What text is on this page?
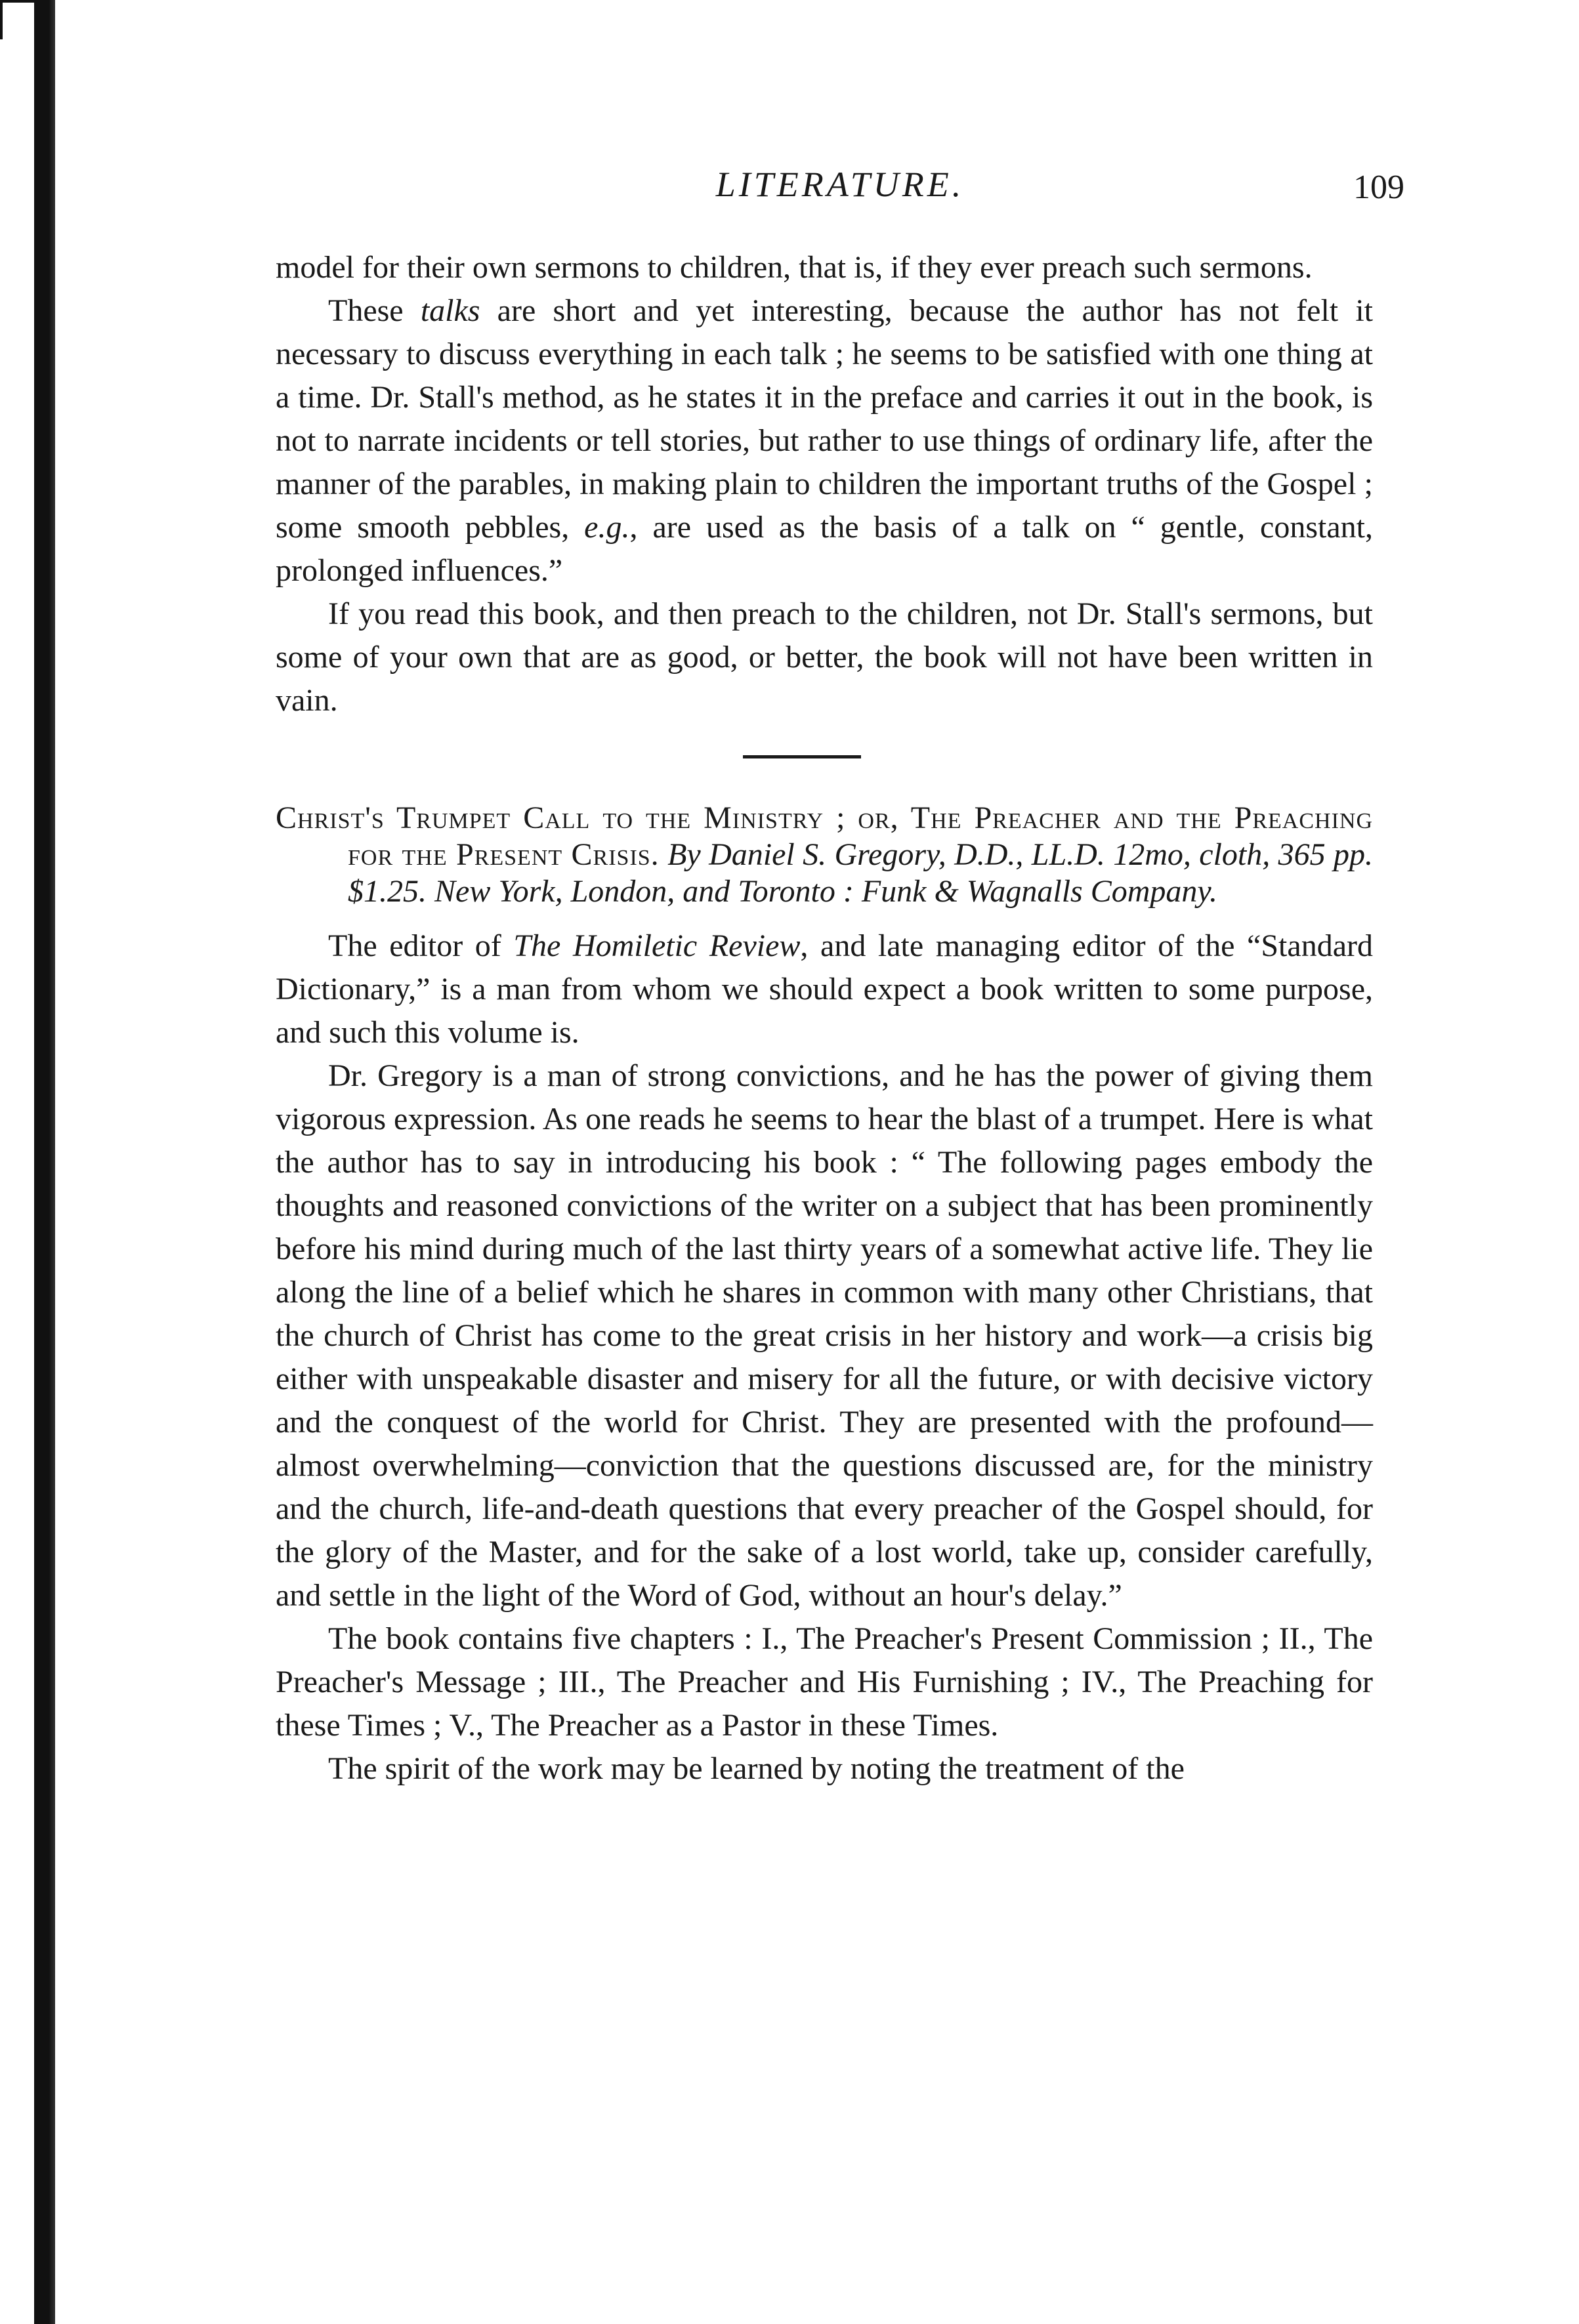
LITERATURE.	109

model for their own sermons to children, that is, if they ever preach such sermons.

These talks are short and yet interesting, because the author has not felt it necessary to discuss everything in each talk ; he seems to be satisfied with one thing at a time. Dr. Stall's method, as he states it in the preface and carries it out in the book, is not to narrate incidents or tell stories, but rather to use things of ordinary life, after the manner of the parables, in making plain to children the important truths of the Gospel ; some smooth pebbles, e.g., are used as the basis of a talk on “ gentle, constant, prolonged influences.”

If you read this book, and then preach to the children, not Dr. Stall's sermons, but some of your own that are as good, or better, the book will not have been written in vain.

Christ's Trumpet Call to the Ministry ; or, The Preacher and the Preaching for the Present Crisis. By Daniel S. Gregory, D.D., LL.D. 12mo, cloth, 365 pp. $1.25. New York, London, and Toronto : Funk & Wagnalls Company.

The editor of The Homiletic Review, and late managing editor of the “Standard Dictionary,” is a man from whom we should expect a book written to some purpose, and such this volume is.

Dr. Gregory is a man of strong convictions, and he has the power of giving them vigorous expression. As one reads he seems to hear the blast of a trumpet. Here is what the author has to say in introducing his book : “ The following pages embody the thoughts and reasoned convictions of the writer on a subject that has been prominently before his mind during much of the last thirty years of a somewhat active life. They lie along the line of a belief which he shares in common with many other Christians, that the church of Christ has come to the great crisis in her history and work—a crisis big either with unspeakable disaster and misery for all the future, or with decisive victory and the conquest of the world for Christ. They are presented with the profound—almost overwhelming—conviction that the questions discussed are, for the ministry and the church, life-and-death questions that every preacher of the Gospel should, for the glory of the Master, and for the sake of a lost world, take up, consider carefully, and settle in the light of the Word of God, without an hour's delay.”

The book contains five chapters : I., The Preacher's Present Commission ; II., The Preacher's Message ; III., The Preacher and His Furnishing ; IV., The Preaching for these Times ; V., The Preacher as a Pastor in these Times.

The spirit of the work may be learned by noting the treatment of the
